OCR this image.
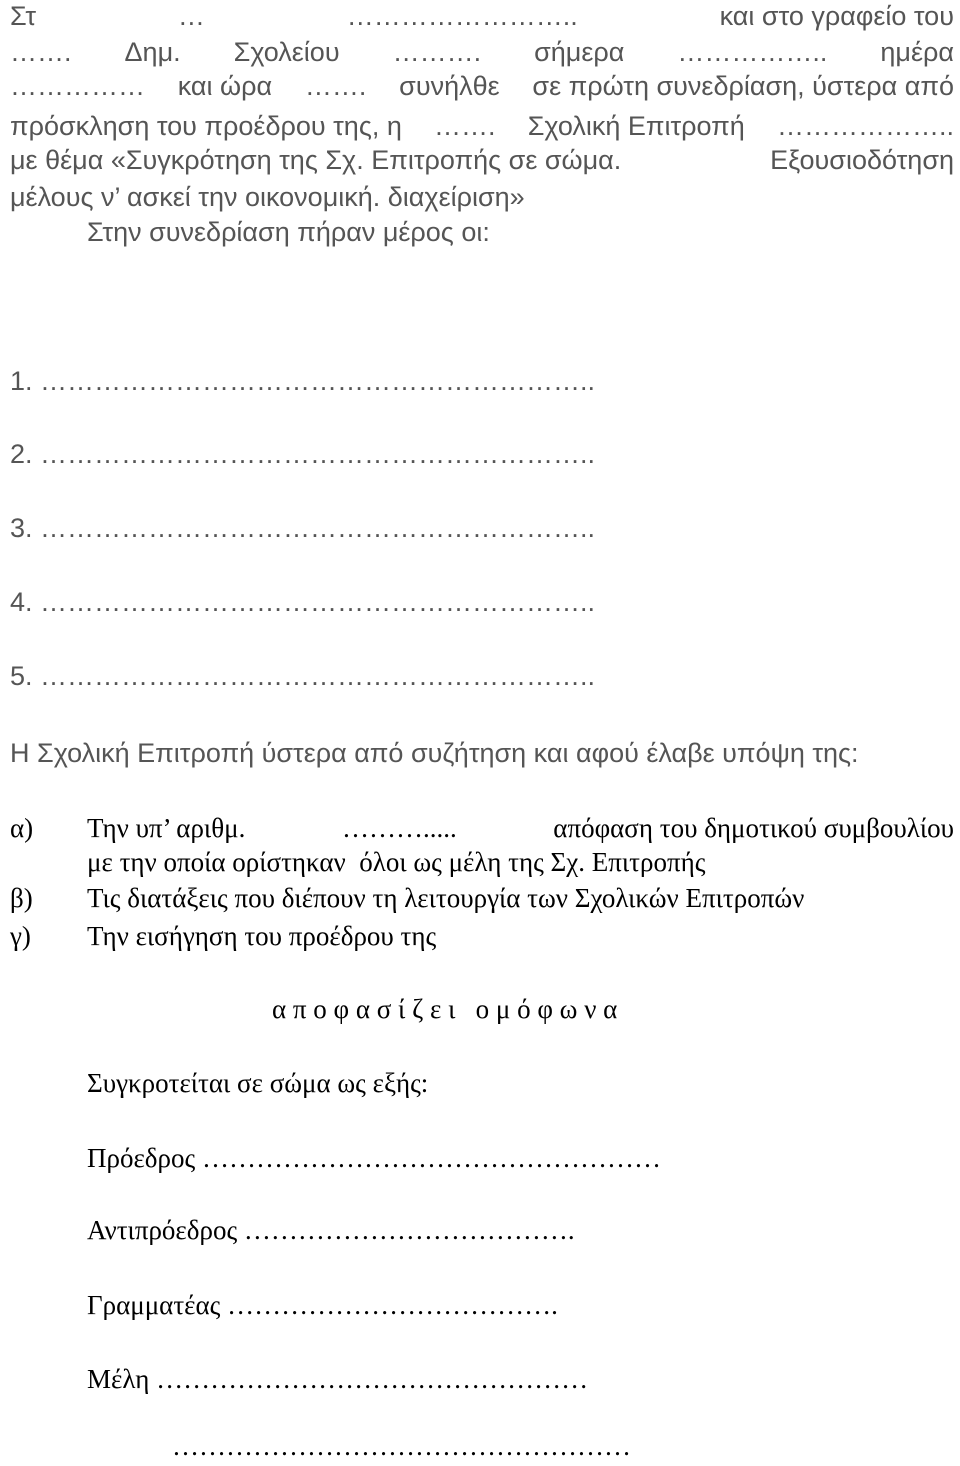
Στ	…	……………………..	και στο γραφείο του
……. Δημ. Σχολείου ………. σήμερα …………….. ημέρα
…………… και ώρα ……. συνήλθε σε πρώτη συνεδρίαση, ύστερα από
πρόσκληση του προέδρου της, η ……. Σχολική Επιτροπή ………………..
με θέμα «Συγκρότηση της Σχ. Επιτροπής σε σώμα.	Εξουσιοδότηση
μέλους ν’ ασκεί την οικονομική. διαχείριση»
Στην συνεδρίαση πήραν μέρος οι:
1. ……………………………………………………..
2. ……………………………………………………..
3. ……………………………………………………..
4. ……………………………………………………..
5. ……………………………………………………..
Η Σχολική Επιτροπή ύστερα από συζήτηση και αφού έλαβε υπόψη της:
α) Την υπ’ αριθμ.	……….....	απόφαση του δημοτικού συμβουλίου
με την οποία ορίστηκαν  όλοι ως μέλη της Σχ. Επιτροπής
β) Τις διατάξεις που διέπουν τη λειτουργία των Σχολικών Επιτροπών
γ) Την εισήγηση του προέδρου της
α π ο φ α σ ί ζ ε ι   ο μ ό φ ω ν α
Συγκροτείται σε σώμα ως εξής:
Πρόεδρος ……………………………………………
Αντιπρόεδρος ……………………………….
Γραμματέας ……………………………….
Μέλη …………………………………………
……………………………………………
